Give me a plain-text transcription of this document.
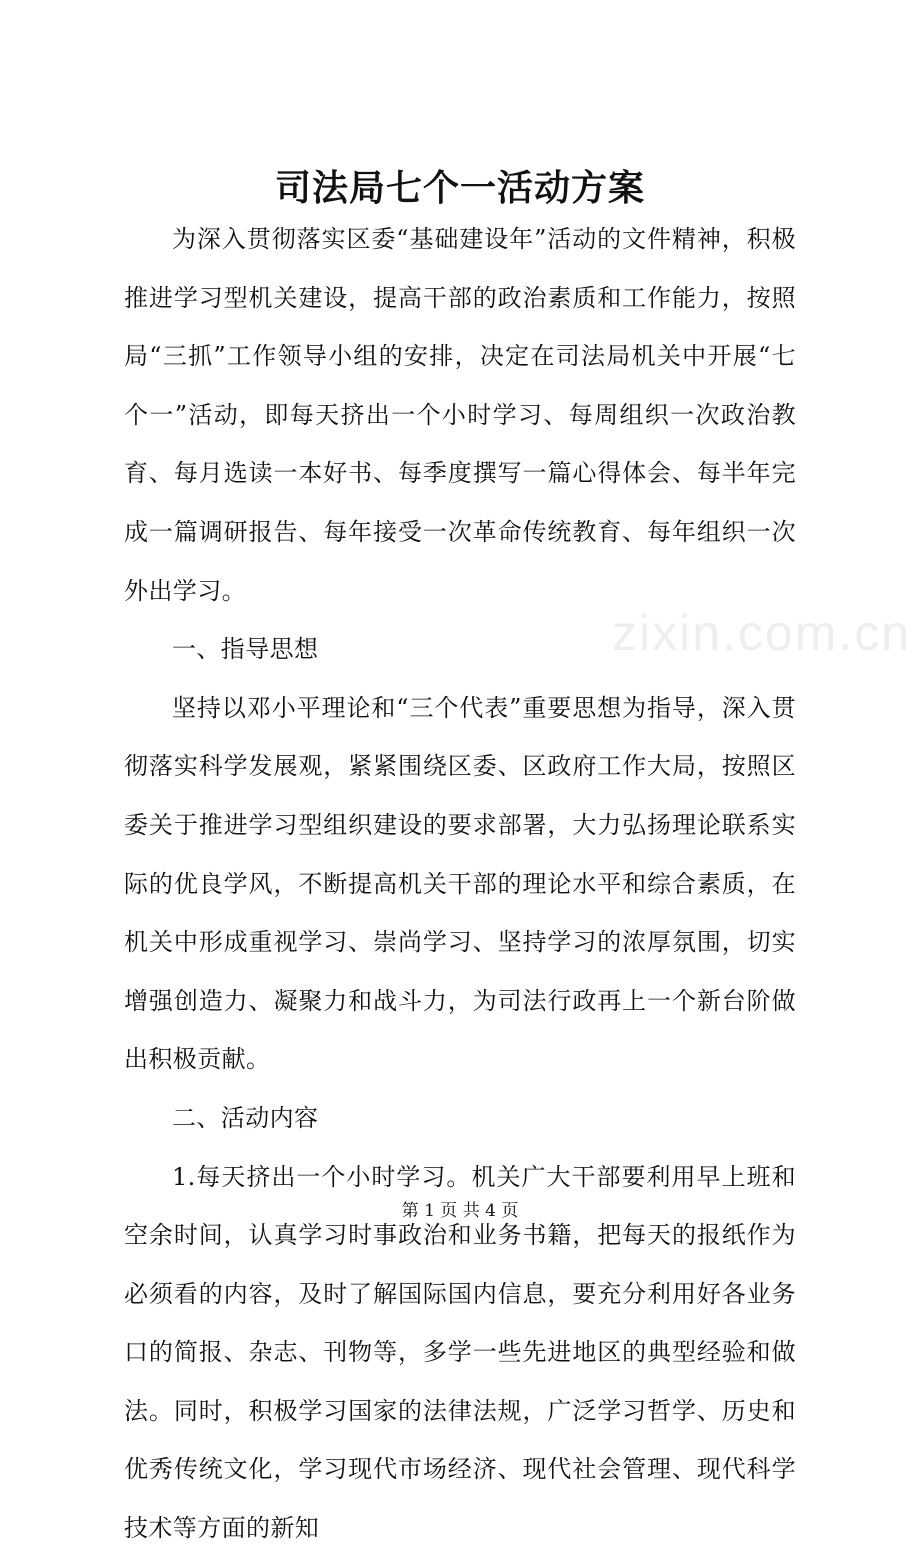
司法局七个一活动方案

为深入贯彻落实区委“基础建设年”活动的文件精神，积极推进学习型机关建设，提高干部的政治素质和工作能力，按照局“三抓”工作领导小组的安排，决定在司法局机关中开展“七个一”活动，即每天挤出一个小时学习、每周组织一次政治教育、每月选读一本好书、每季度撰写一篇心得体会、每半年完成一篇调研报告、每年接受一次革命传统教育、每年组织一次外出学习。

一、指导思想

坚持以邓小平理论和“三个代表”重要思想为指导，深入贯彻落实科学发展观，紧紧围绕区委、区政府工作大局，按照区委关于推进学习型组织建设的要求部署，大力弘扬理论联系实际的优良学风，不断提高机关干部的理论水平和综合素质，在机关中形成重视学习、崇尚学习、坚持学习的浓厚氛围，切实增强创造力、凝聚力和战斗力，为司法行政再上一个新台阶做出积极贡献。

二、活动内容

1.每天挤出一个小时学习。机关广大干部要利用早上班和空余时间，认真学习时事政治和业务书籍，把每天的报纸作为必须看的内容，及时了解国际国内信息，要充分利用好各业务口的简报、杂志、刊物等，多学一些先进地区的典型经验和做法。同时，积极学习国家的法律法规，广泛学习哲学、历史和优秀传统文化，学习现代市场经济、现代社会管理、现代科学技术等方面的新知

zixin.com.cn
第 1 页 共 4 页
